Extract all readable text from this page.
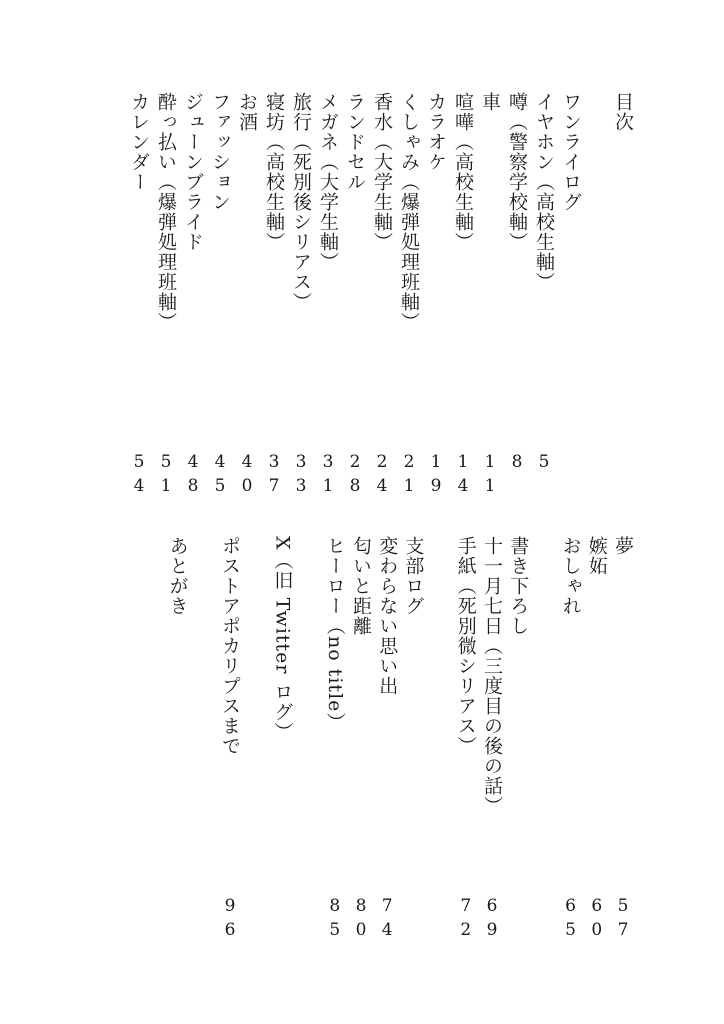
目次
ワンライログ
イヤホン（高校生軸）
5
噂（警察学校軸）
8
車
11
喧嘩（高校生軸）
14
カラオケ
19
くしゃみ（爆弾処理班軸）
21
香水（大学生軸）
24
ランドセル
28
メガネ（大学生軸）
31
旅行（死別後シリアス）
33
寝坊（高校生軸）
37
お酒
40
ファッション
45
ジューンブライド
48
酔っ払い（爆弾処理班軸）
51
カレンダー
54
夢
57
嫉妬
60
おしゃれ
65
書き下ろし
十一月七日（三度目の後の話）
69
手紙（死別微シリアス）
72
支部ログ
変わらない思い出
74
匂いと距離
80
ヒーロー（no title）
85
X（旧 Twitter ログ）
ポストアポカリプスまで
96
あとがき
